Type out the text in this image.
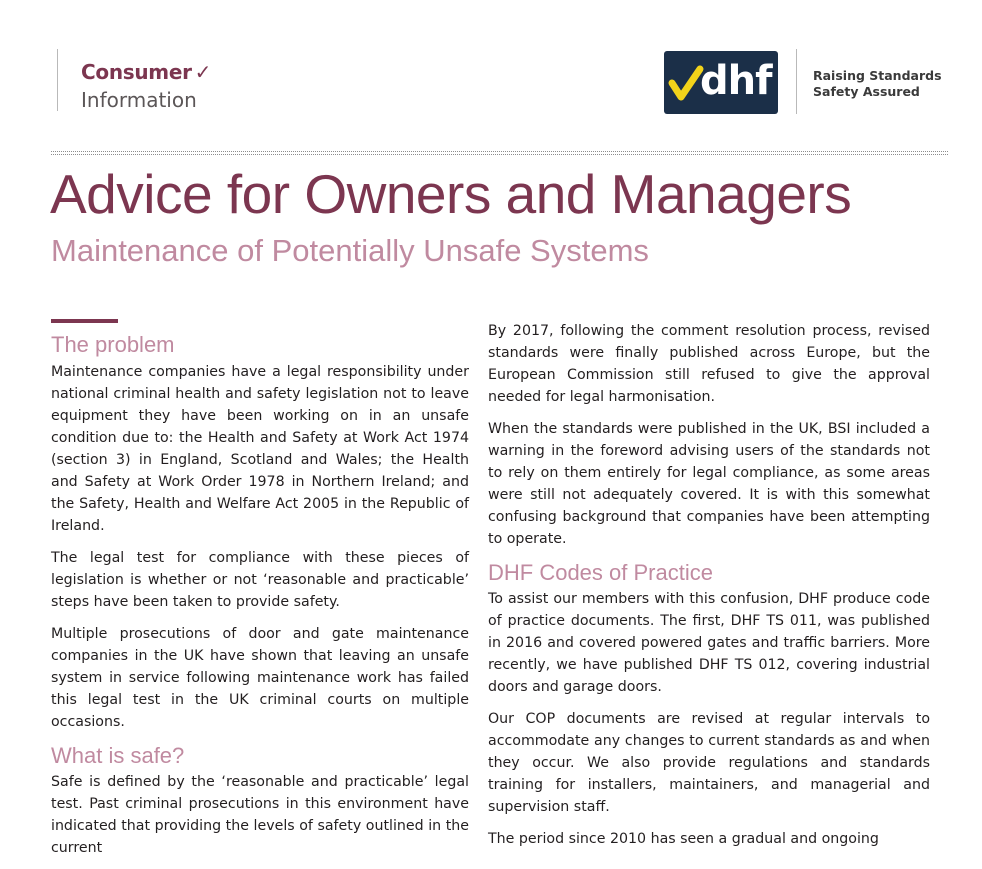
Consumer ✓
Information	dhf	Raising Standards
Safety Assured
Advice for Owners and Managers
Maintenance of Potentially Unsafe Systems
The problem

Maintenance companies have a legal responsibility under national criminal health and safety legislation not to leave equipment they have been working on in an unsafe condition due to: the Health and Safety at Work Act 1974 (section 3) in England, Scotland and Wales; the Health and Safety at Work Order 1978 in Northern Ireland; and the Safety, Health and Welfare Act 2005 in the Republic of Ireland.

The legal test for compliance with these pieces of legislation is whether or not ‘reasonable and practicable’ steps have been taken to provide safety.

Multiple prosecutions of door and gate maintenance companies in the UK have shown that leaving an unsafe system in service following maintenance work has failed this legal test in the UK criminal courts on multiple occasions.

What is safe?

Safe is defined by the ‘reasonable and practicable’ legal test. Past criminal prosecutions in this environment have indicated that providing the levels of safety outlined in the current

By 2017, following the comment resolution process, revised standards were finally published across Europe, but the European Commission still refused to give the approval needed for legal harmonisation.

When the standards were published in the UK, BSI included a warning in the foreword advising users of the standards not to rely on them entirely for legal compliance, as some areas were still not adequately covered. It is with this somewhat confusing background that companies have been attempting to operate.

DHF Codes of Practice

To assist our members with this confusion, DHF produce code of practice documents. The first, DHF TS 011, was published in 2016 and covered powered gates and traffic barriers. More recently, we have published DHF TS 012, covering industrial doors and garage doors.

Our COP documents are revised at regular intervals to accommodate any changes to current standards as and when they occur. We also provide regulations and standards training for installers, maintainers, and managerial and supervision staff.

The period since 2010 has seen a gradual and ongoing
